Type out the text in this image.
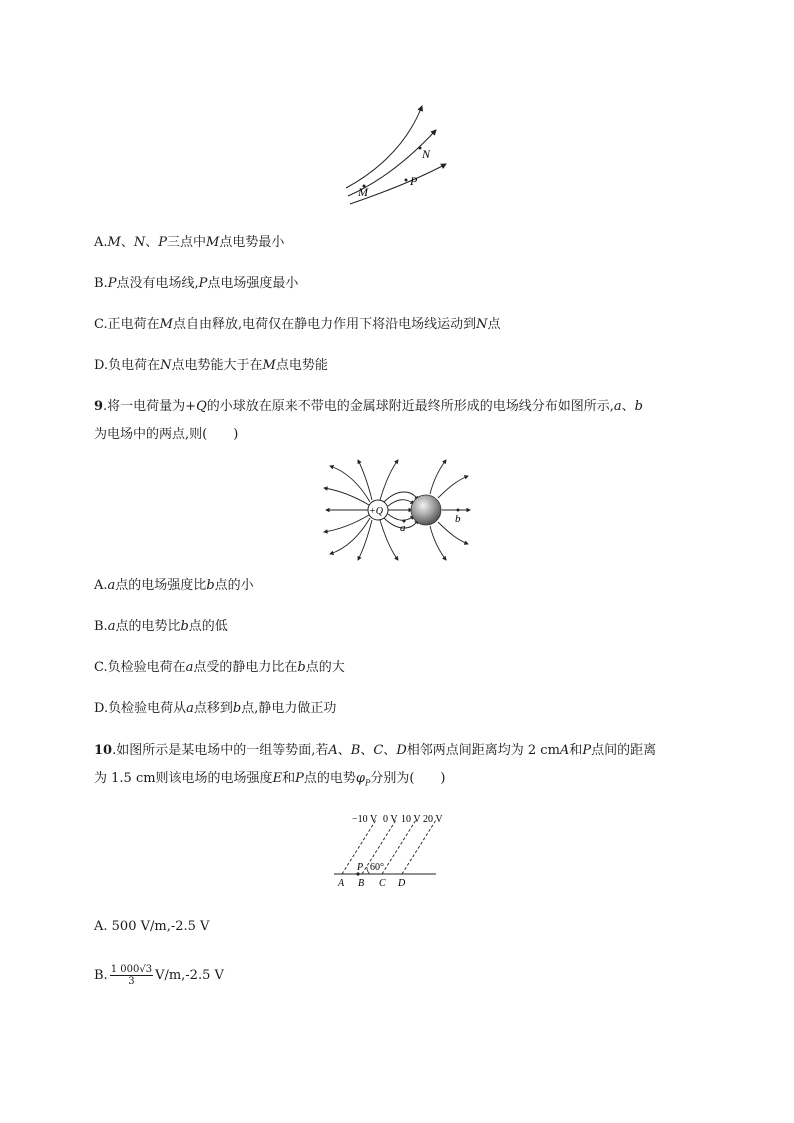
N
P
M
A.M、N、P三点中M点电势最小
B.P点没有电场线,P点电场强度最小
C.正电荷在M点自由释放,电荷仅在静电力作用下将沿电场线运动到N点
D.负电荷在N点电势能大于在M点电势能
9.将一电荷量为+Q的小球放在原来不带电的金属球附近最终所形成的电场线分布如图所示,a、b
为电场中的两点,则(　　)
+Q
a
b
A.a点的电场强度比b点的小
B.a点的电势比b点的低
C.负检验电荷在a点受的静电力比在b点的大
D.负检验电荷从a点移到b点,静电力做正功
10.如图所示是某电场中的一组等势面,若A、B、C、D相邻两点间距离均为 2 cmA和P点间的距离
为 1.5 cm则该电场的电场强度E和P点的电势$\varphi_P$分别为(　　)
−10 V 0 V 10 V 20 V
60°
P
A B C D
A. 500 V/m,-2.5 V
B. $\frac{1 000√3}{3} V/m,-2.5$ V
